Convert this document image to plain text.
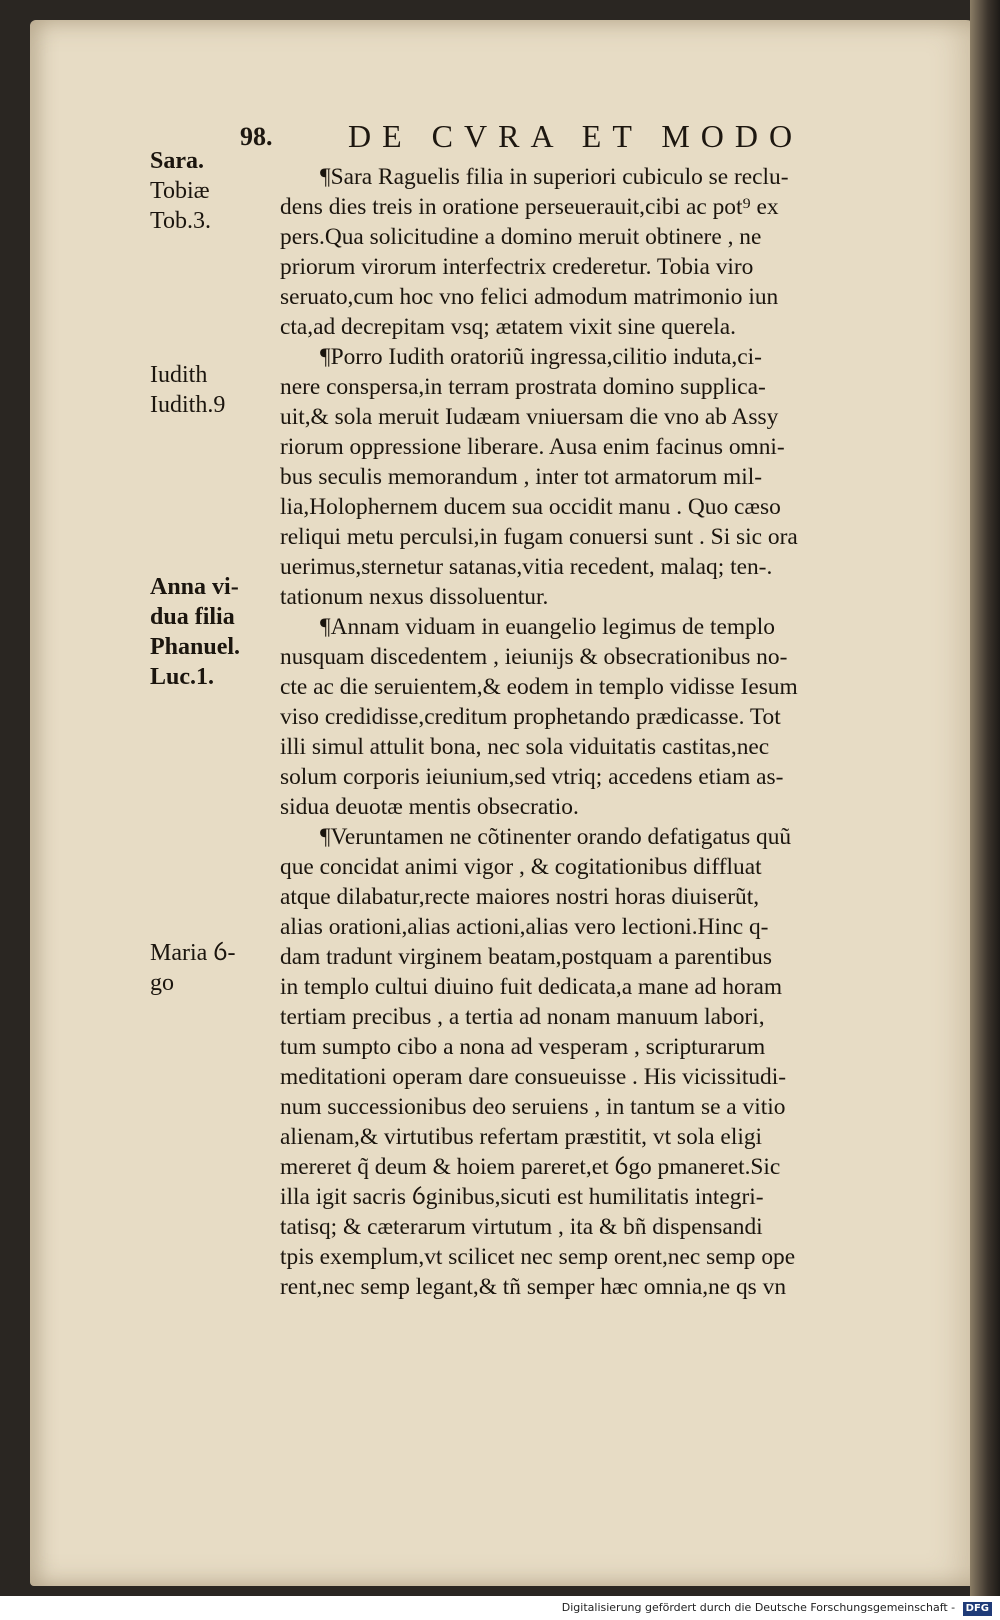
98. DE CVRA ET MODO
Sara.
Tobiæ
Tob.3.
Iudith
Iudith.9
Anna vi-
dua filia
Phanuel.
Luc.1.
Maria ỽ-
go
¶Sara Raguelis filia in superiori cubiculo se reclu-
dens dies treis in oratione perseuerauit,cibi ac pot⁹ ex
pers.Qua solicitudine a domino meruit obtinere , ne
priorum virorum interfectrix crederetur. Tobia viro
seruato,cum hoc vno felici admodum matrimonio iun
cta,ad decrepitam vsq; ætatem vixit sine querela.
¶Porro Iudith oratoriũ ingressa,cilitio induta,ci-
nere conspersa,in terram prostrata domino supplica-
uit,& sola meruit Iudæam vniuersam die vno ab Assy
riorum oppressione liberare. Ausa enim facinus omni-
bus seculis memorandum , inter tot armatorum mil-
lia,Holophernem ducem sua occidit manu . Quo cæso
reliqui metu perculsi,in fugam conuersi sunt . Si sic ora
uerimus,sternetur satanas,vitia recedent, malaq; ten-.
tationum nexus dissoluentur.
¶Annam viduam in euangelio legimus de templo
nusquam discedentem , ieiunijs & obsecrationibus no-
cte ac die seruientem,& eodem in templo vidisse Iesum
viso credidisse,creditum prophetando prædicasse. Tot
illi simul attulit bona, nec sola viduitatis castitas,nec
solum corporis ieiunium,sed vtriq; accedens etiam as-
sidua deuotæ mentis obsecratio.
¶Veruntamen ne cõtinenter orando defatigatus quũ
que concidat animi vigor , & cogitationibus diffluat
atque dilabatur,recte maiores nostri horas diuiserũt,
alias orationi,alias actioni,alias vero lectioni.Hinc q-
dam tradunt virginem beatam,postquam a parentibus
in templo cultui diuino fuit dedicata,a mane ad horam
tertiam precibus , a tertia ad nonam manuum labori,
tum sumpto cibo a nona ad vesperam , scripturarum
meditationi operam dare consueuisse . His vicissitudi-
num successionibus deo seruiens , in tantum se a vitio
alienam,& virtutibus refertam præstitit, vt sola eligi
mereret q̃ deum & hoiem pareret,et ỽgo pmaneret.Sic
illa igit sacris ỽginibus,sicuti est humilitatis integri-
tatisq; & cæterarum virtutum , ita & bñ dispensandi
tpis exemplum,vt scilicet nec semp orent,nec semp ope
rent,nec semp legant,& tñ semper hæc omnia,ne qs vn
Digitalisierung gefördert durch die Deutsche Forschungsgemeinschaft - DFG
